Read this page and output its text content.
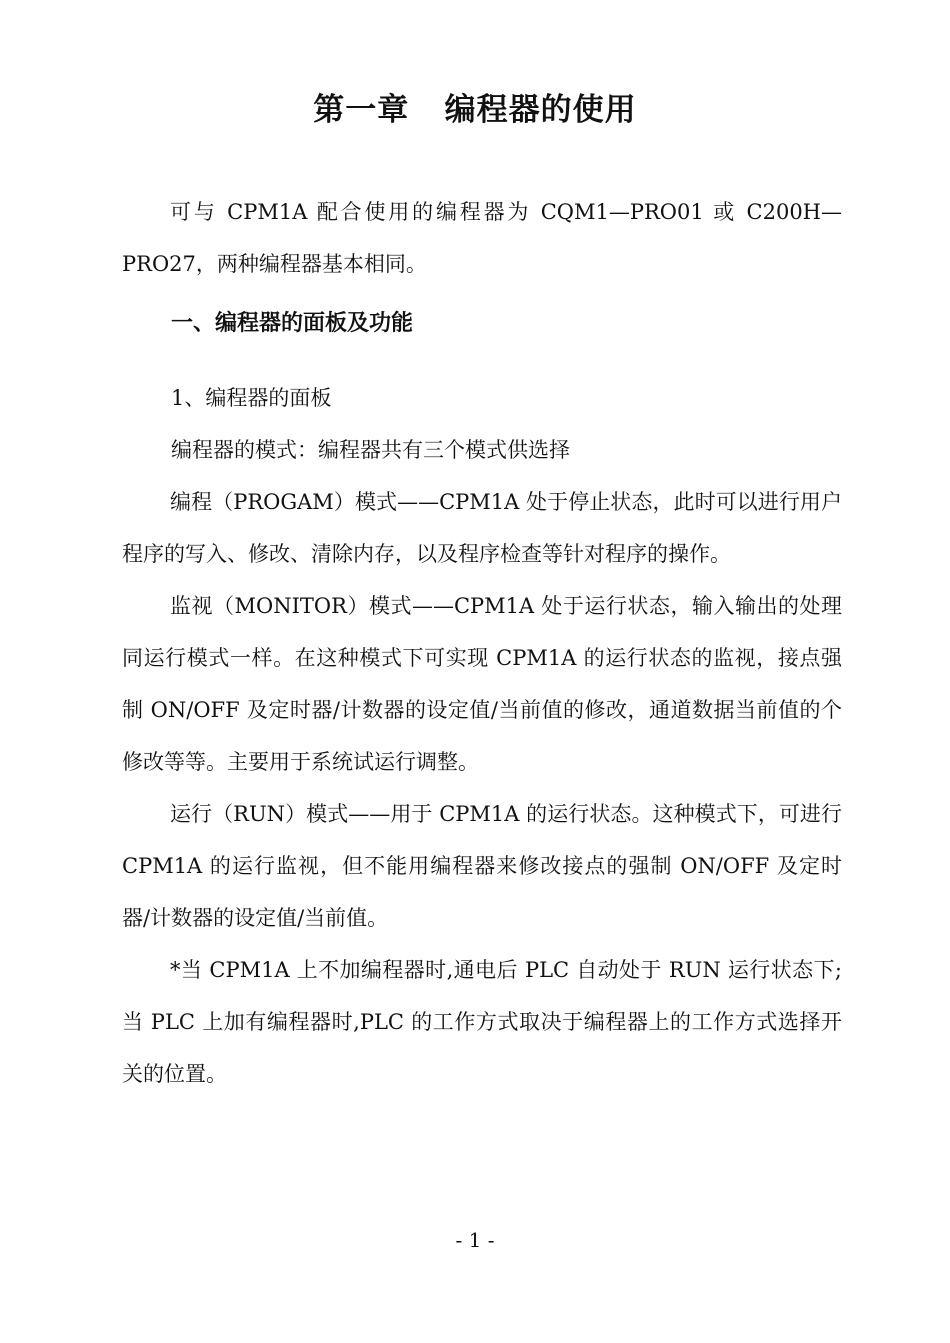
第一章   编程器的使用

可与 CPM1A 配合使用的编程器为 CQM1—PRO01 或 C200H—PRO27，两种编程器基本相同。

一、编程器的面板及功能

1、编程器的面板

编程器的模式：编程器共有三个模式供选择

编程（PROGAM）模式——CPM1A 处于停止状态，此时可以进行用户程序的写入、修改、清除内存，以及程序检查等针对程序的操作。

监视（MONITOR）模式——CPM1A 处于运行状态，输入输出的处理同运行模式一样。在这种模式下可实现 CPM1A 的运行状态的监视，接点强制 ON/OFF 及定时器/计数器的设定值/当前值的修改，通道数据当前值的个修改等等。主要用于系统试运行调整。

运行（RUN）模式——用于 CPM1A 的运行状态。这种模式下，可进行 CPM1A 的运行监视，但不能用编程器来修改接点的强制 ON/OFF 及定时器/计数器的设定值/当前值。

*当 CPM1A 上不加编程器时,通电后 PLC 自动处于 RUN 运行状态下;当 PLC 上加有编程器时,PLC 的工作方式取决于编程器上的工作方式选择开关的位置。

- 1 -
